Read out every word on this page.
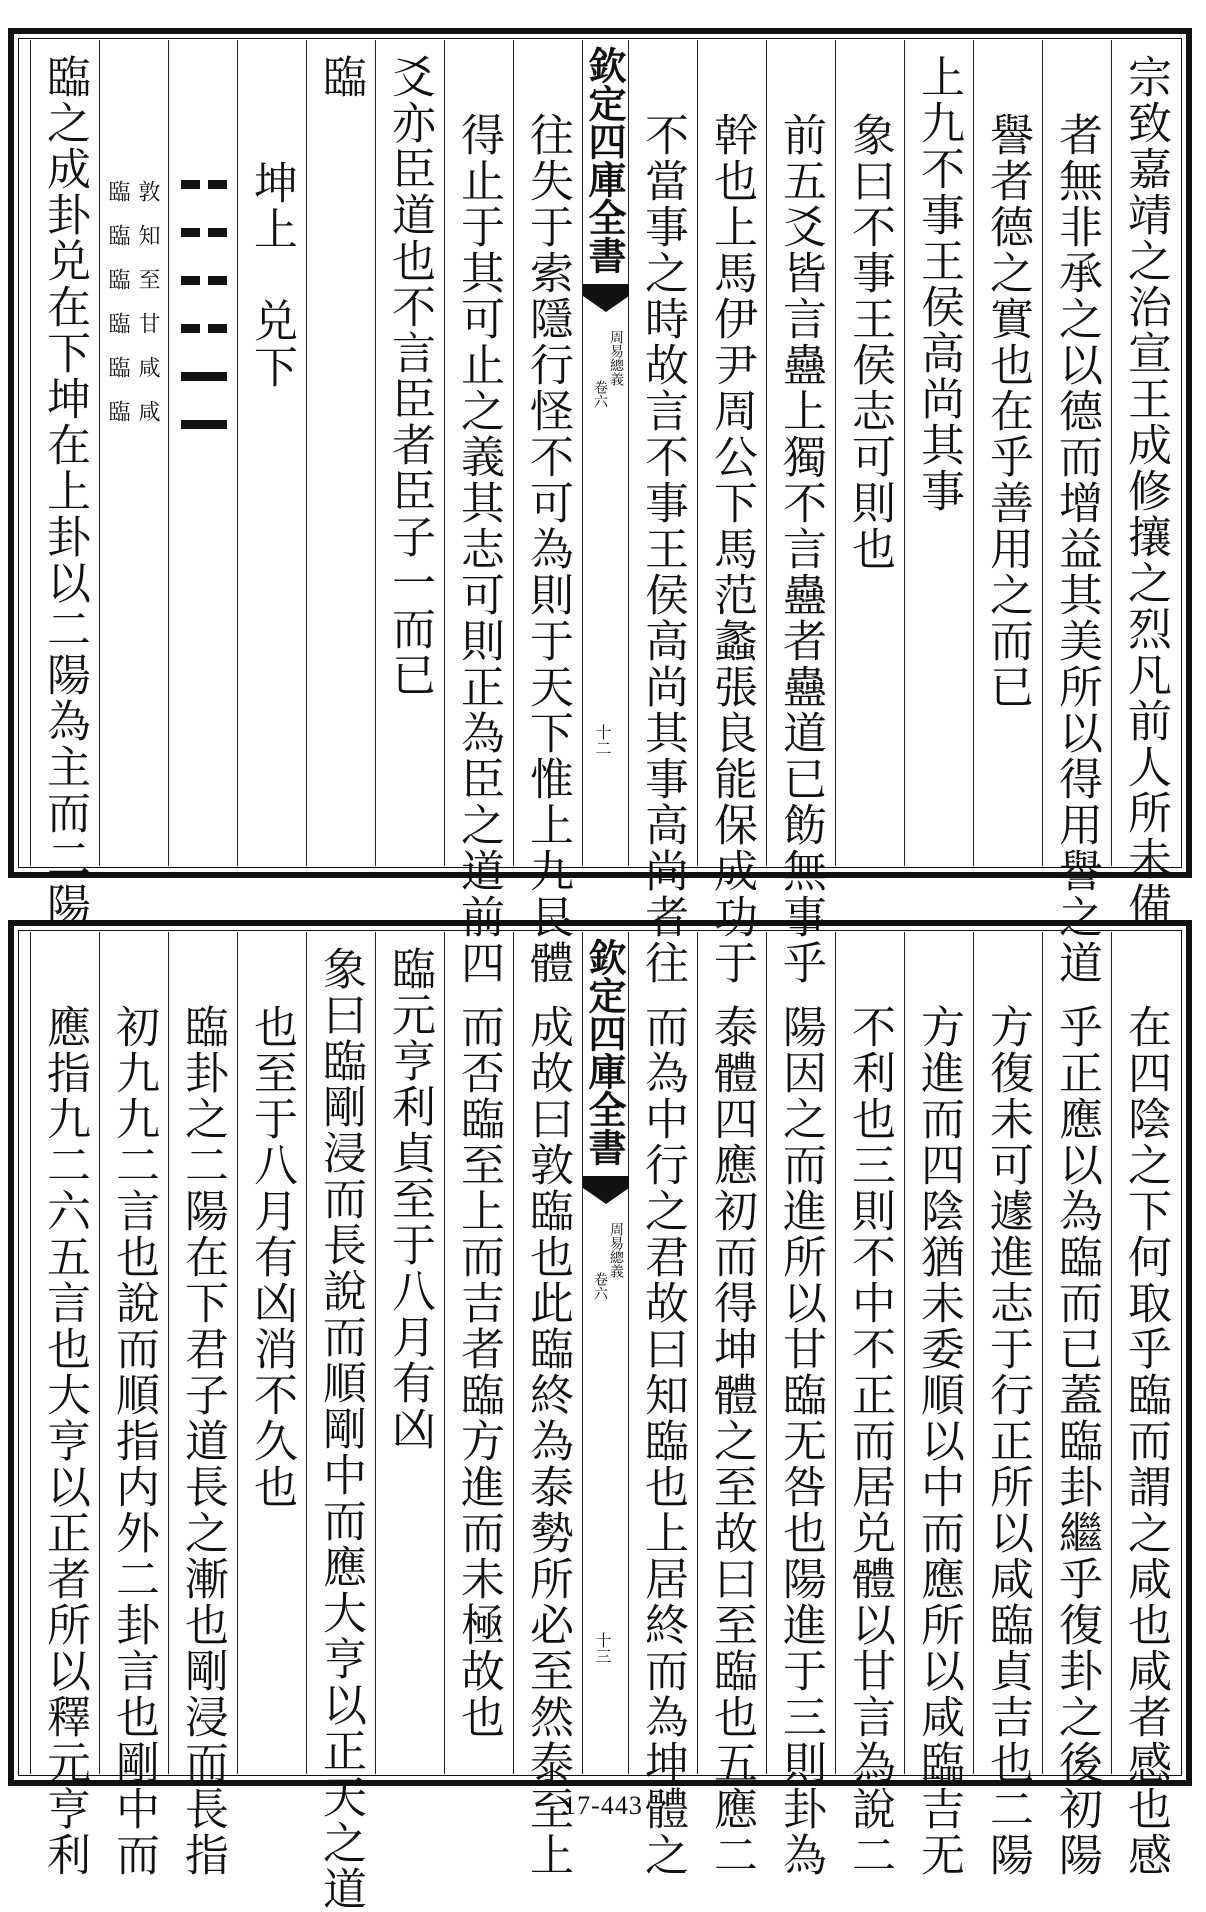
宗致嘉靖之治宣王成修攘之烈凡前人所未備
者無非承之以德而增益其美所以得用譽之道
譽者德之實也在乎善用之而已
上九不事王侯高尚其事
象曰不事王侯志可則也
前五爻皆言蠱上獨不言蠱者蠱道已飭無事乎
幹也上馬伊尹周公下馬范蠡張良能保成功于
不當事之時故言不事王侯高尚其事高尚者往
欽定四庫全書
周易總義
卷六
十二
往失于索隱行怪不可為則于天下惟上九艮體
得止于其可止之義其志可則正為臣之道前四
爻亦臣道也不言臣者臣子一而已
臨
坤上　兑下
敦知至甘咸咸
臨臨臨臨臨臨
臨之成卦兑在下坤在上卦以二陽為主而二陽
在四陰之下何取乎臨而謂之咸也咸者感也感
乎正應以為臨而已蓋臨卦繼乎復卦之後初陽
方復未可遽進志于行正所以咸臨貞吉也二陽
方進而四陰猶未委順以中而應所以咸臨吉无
不利也三則不中不正而居兑體以甘言為說二
陽因之而進所以甘臨无咎也陽進于三則卦為
泰體四應初而得坤體之至故曰至臨也五應二
而為中行之君故曰知臨也上居終而為坤體之
欽定四庫全書
周易總義
卷六
十三
成故曰敦臨也此臨終為泰勢所必至然泰至上
而否臨至上而吉者臨方進而未極故也
臨元亨利貞至于八月有凶
象曰臨剛浸而長說而順剛中而應大亨以正天之道
也至于八月有凶消不久也
臨卦之二陽在下君子道長之漸也剛浸而長指
初九九二言也說而順指内外二卦言也剛中而
應指九二六五言也大亨以正者所以釋元亨利	17-443
